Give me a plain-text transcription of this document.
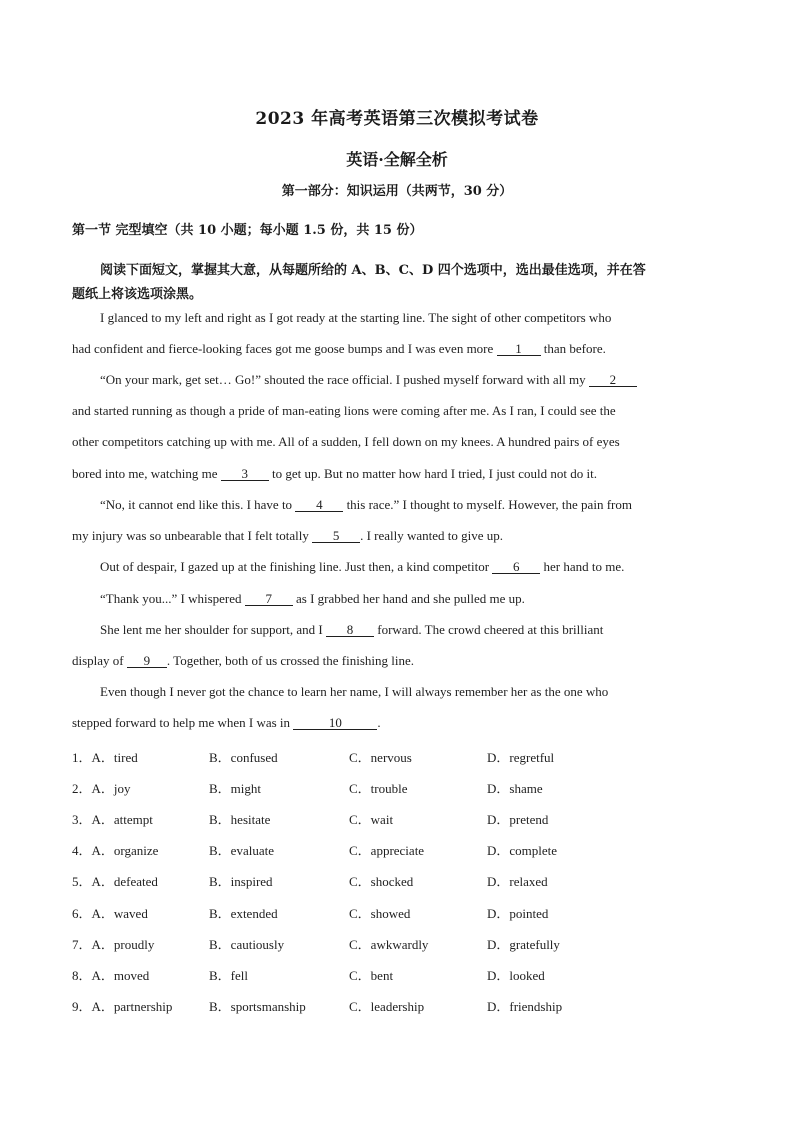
2023 年高考英语第三次模拟考试卷
英语·全解全析
第一部分：知识运用（共两节，30 分）
第一节 完型填空（共 10 小题；每小题 1.5 份，共 15 份）
阅读下面短文，掌握其大意，从每题所给的 A、B、C、D 四个选项中，选出最佳选项，并在答
题纸上将该选项涂黑。
I glanced to my left and right as I got ready at the starting line. The sight of other competitors who
had confident and fierce-looking faces got me goose bumps and I was even more 1 than before.
“On your mark, get set… Go!” shouted the race official. I pushed myself forward with all my 2
and started running as though a pride of man-eating lions were coming after me. As I ran, I could see the
other competitors catching up with me. All of a sudden, I fell down on my knees. A hundred pairs of eyes
bored into me, watching me 3 to get up. But no matter how hard I tried, I just could not do it.
“No, it cannot end like this. I have to 4 this race.” I thought to myself. However, the pain from
my injury was so unbearable that I felt totally 5 . I really wanted to give up.
Out of despair, I gazed up at the finishing line. Just then, a kind competitor 6 her hand to me.
“Thank you...” I whispered 7 as I grabbed her hand and she pulled me up.
She lent me her shoulder for support, and I 8 forward. The crowd cheered at this brilliant
display of 9 . Together, both of us crossed the finishing line.
Even though I never got the chance to learn her name, I will always remember her as the one who
stepped forward to help me when I was in	10	.
1．A．tired	B．confused	C．nervous	D．regretful
2．A．joy	B．might	C．trouble	D．shame
3．A．attempt	B．hesitate	C．wait	D．pretend
4．A．organize	B．evaluate	C．appreciate	D．complete
5．A．defeated	B．inspired	C．shocked	D．relaxed
6．A．waved	B．extended	C．showed	D．pointed
7．A．proudly	B．cautiously	C．awkwardly	D．gratefully
8．A．moved	B．fell	C．bent	D．looked
9．A．partnership	B．sportsmanship	C．leadership	D．friendship
